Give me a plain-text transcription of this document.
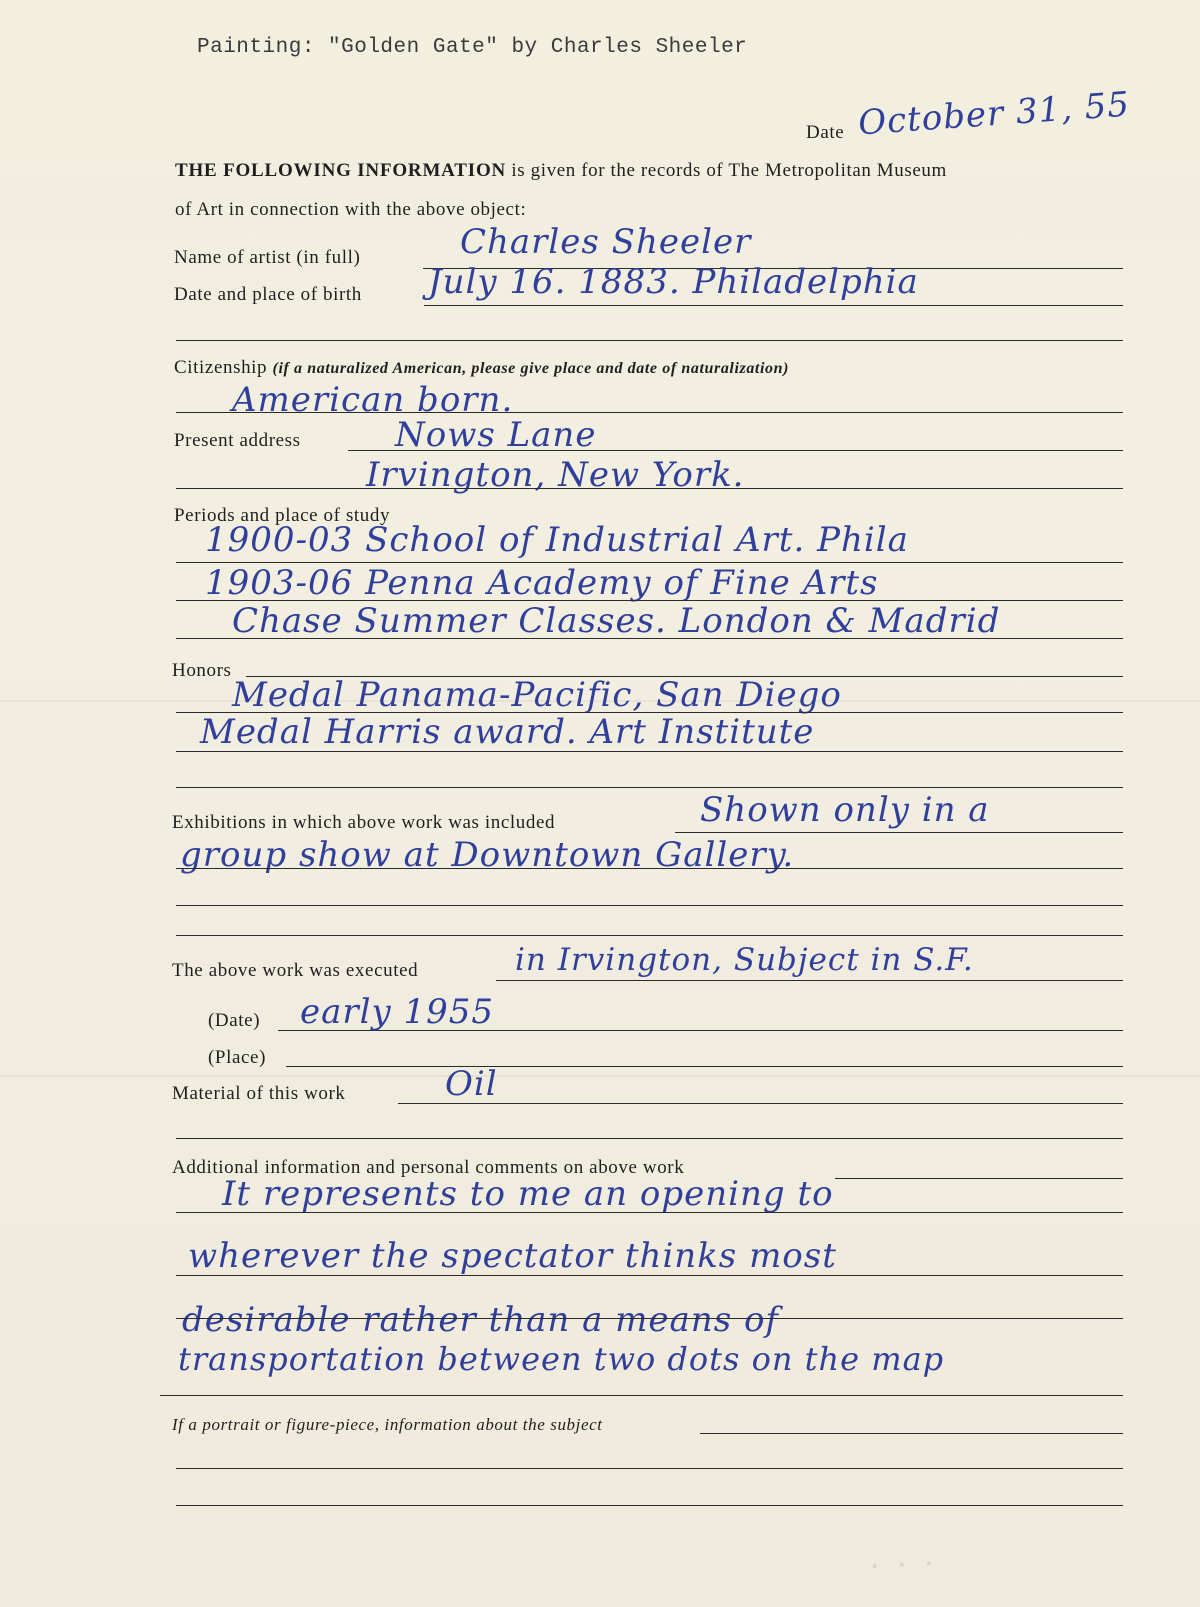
Painting: "Golden Gate" by Charles Sheeler
Date October 31, 55
THE FOLLOWING INFORMATION is given for the records of The Metropolitan Museum
of Art in connection with the above object:
Name of artist (in full)	Charles Sheeler
Date and place of birth July 16. 1883. Philadelphia
Citizenship (if a naturalized American, please give place and date of naturalization)
American born.
Present address	Nows Lane
Irvington, New York.
Periods and place of study
1900-03 School of Industrial Art. Phila
1903-06 Penna Academy of Fine Arts
Chase Summer Classes. London & Madrid
Honors
Medal Panama-Pacific, San Diego
Medal Harris award. Art Institute
Exhibitions in which above work was included	Shown only in a
group show at Downtown Gallery.
The above work was executed	in Irvington, Subject in S.F.
(Date) early 1955
(Place)
Material of this work	Oil
Additional information and personal comments on above work
It represents to me an opening to
wherever the spectator thinks most
desirable rather than a means of
transportation between two dots on the map
If a portrait or figure-piece, information about the subject
· · ·
